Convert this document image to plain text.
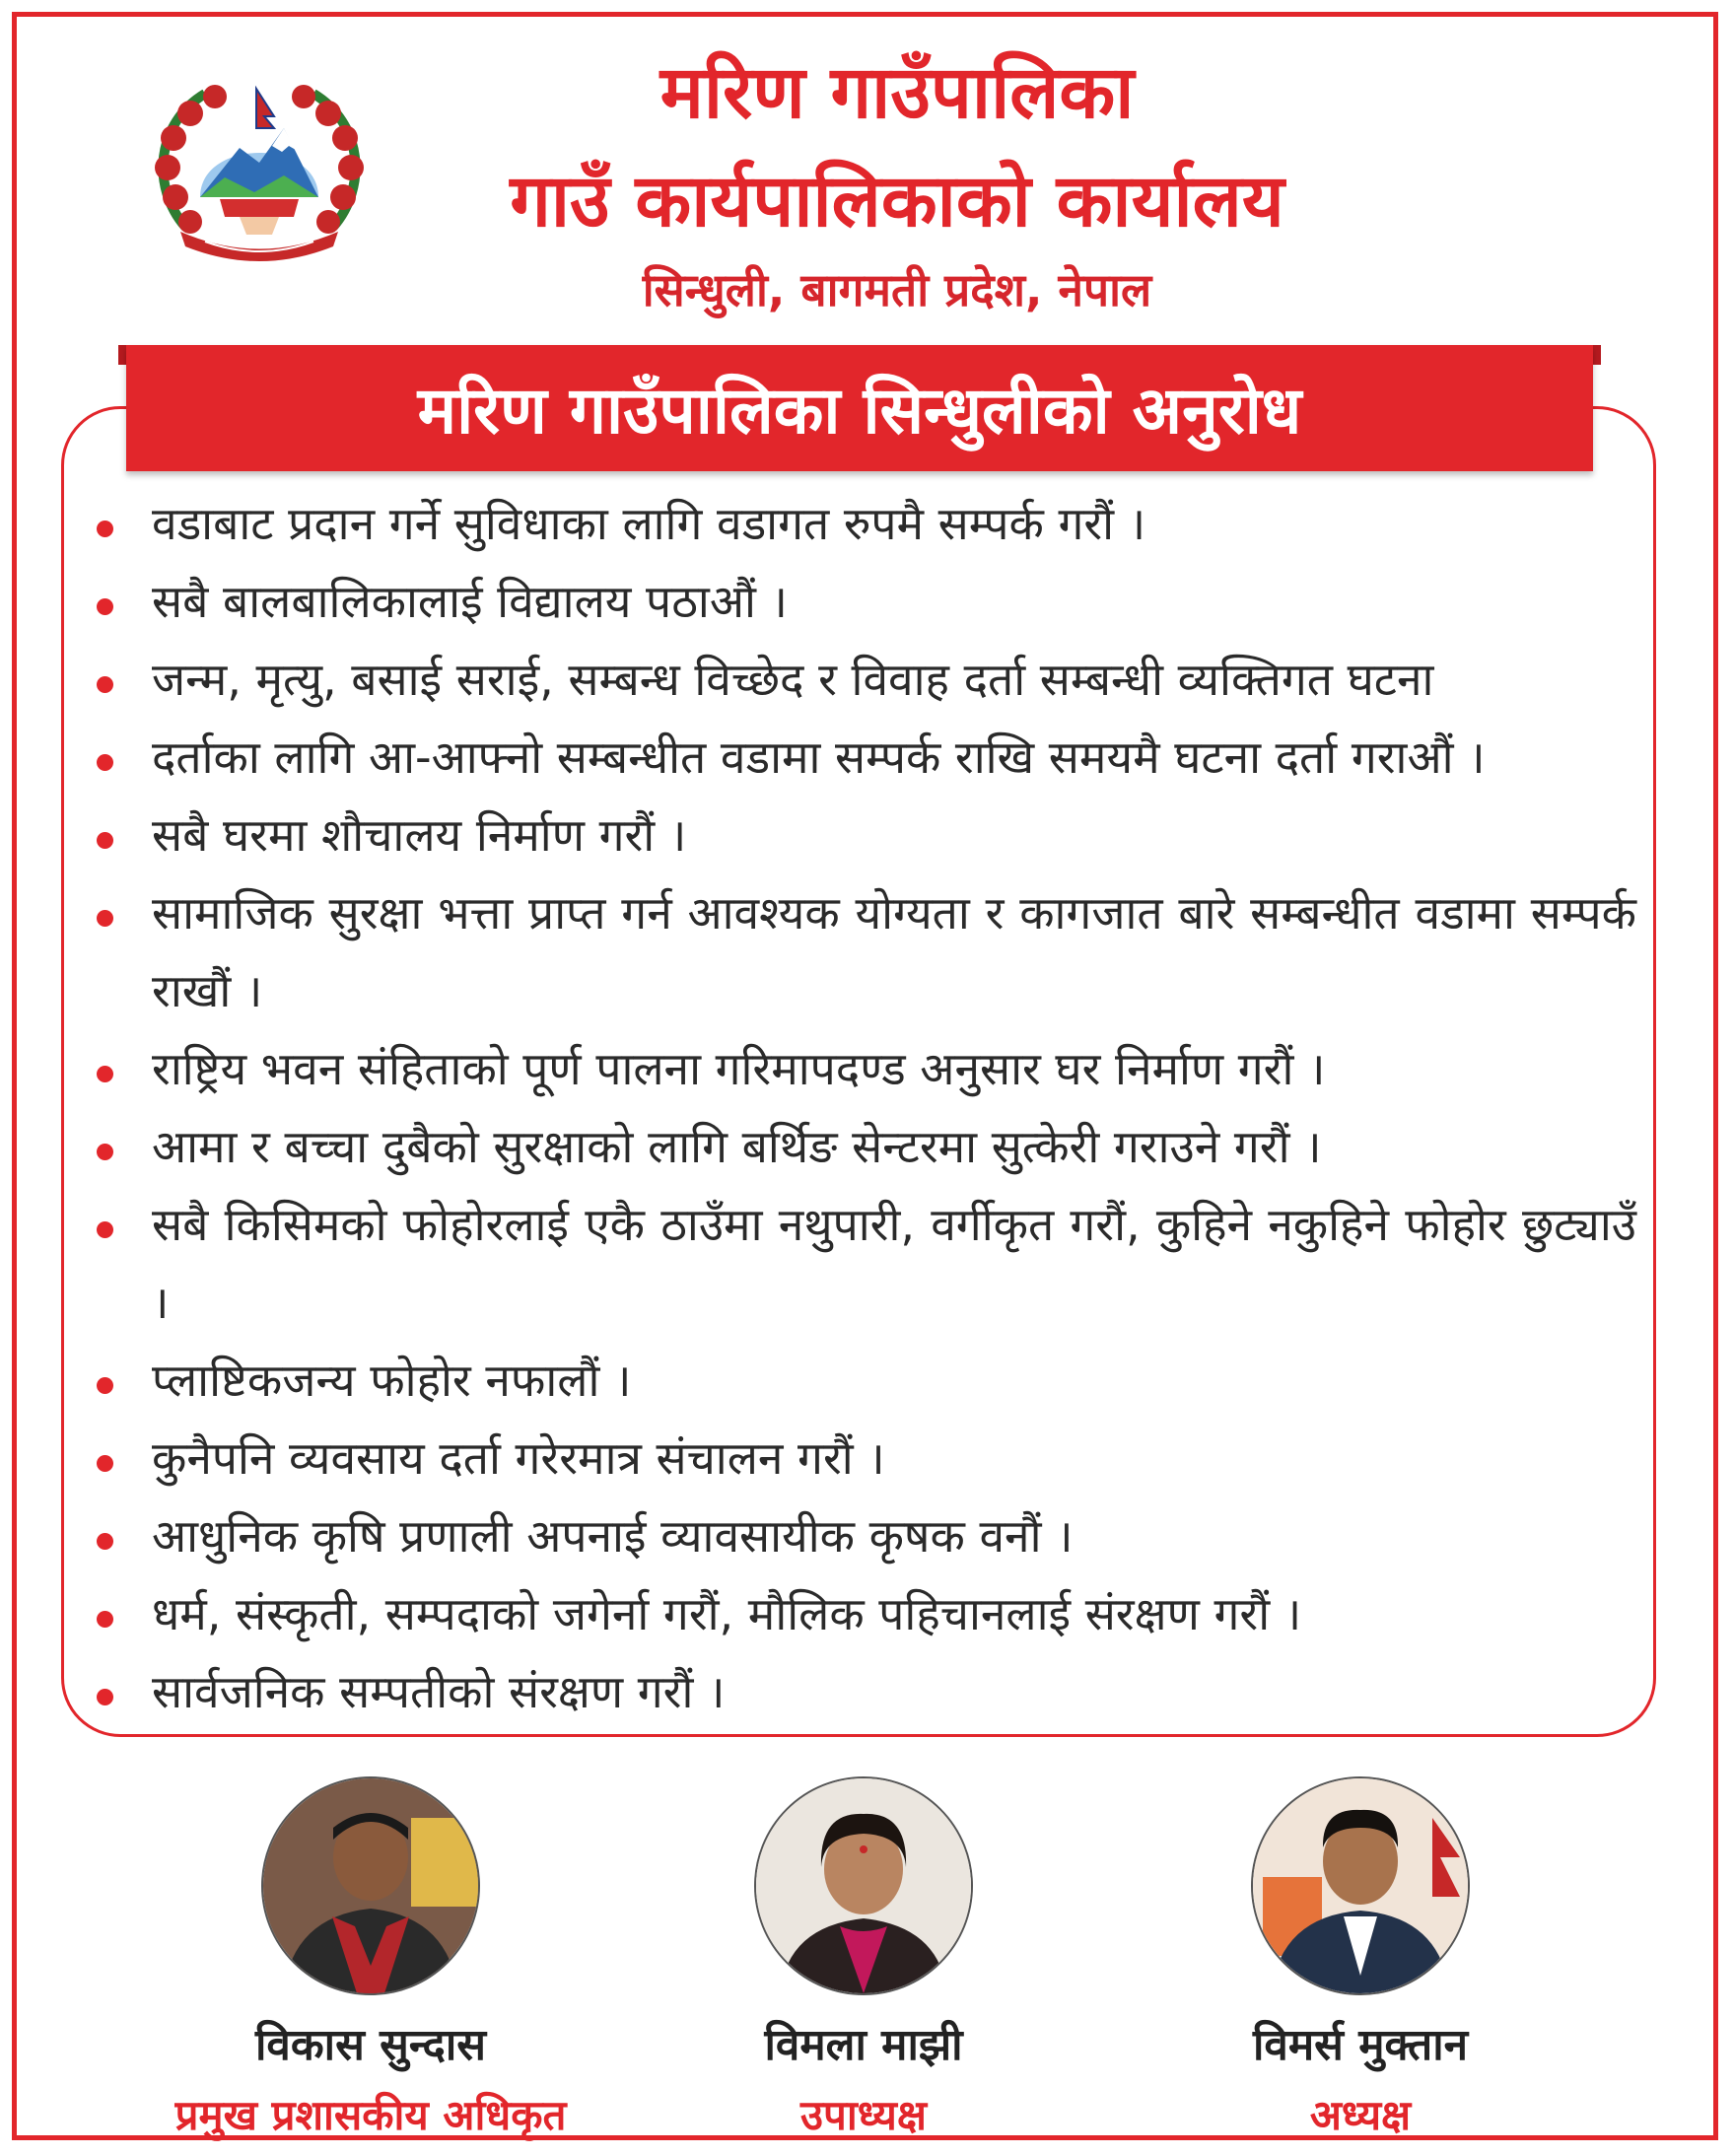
मरिण गाउँपालिका
गाउँ कार्यपालिकाको कार्यालय
सिन्धुली, बागमती प्रदेश, नेपाल
मरिण गाउँपालिका सिन्धुलीको अनुरोध
वडाबाट प्रदान गर्ने सुविधाका लागि वडागत रुपमै सम्पर्क गरौं ।
सबै बालबालिकालाई विद्यालय पठाऔं ।
जन्म, मृत्यु, बसाई सराई, सम्बन्ध विच्छेद र विवाह दर्ता सम्बन्धी व्यक्तिगत घटना
दर्ताका लागि आ-आफ्नो सम्बन्धीत वडामा सम्पर्क राखि समयमै घटना दर्ता गराऔं ।
सबै घरमा शौचालय निर्माण गरौं ।
सामाजिक सुरक्षा भत्ता प्राप्त गर्न आवश्यक योग्यता र कागजात बारे सम्बन्धीत वडामा सम्पर्क राखौं ।
राष्ट्रिय भवन संहिताको पूर्ण पालना गरिमापदण्ड अनुसार घर निर्माण गरौं ।
आमा र बच्चा दुबैको सुरक्षाको लागि बर्थिङ सेन्टरमा सुत्केरी गराउने गरौं ।
सबै किसिमको फोहोरलाई एकै ठाउँमा नथुपारी, वर्गीकृत गरौं, कुहिने नकुहिने फोहोर छुट्याउँ ।
प्लाष्टिकजन्य फोहोर नफालौं ।
कुनैपनि व्यवसाय दर्ता गरेरमात्र संचालन गरौं ।
आधुनिक कृषि प्रणाली अपनाई व्यावसायीक कृषक वनौं ।
धर्म, संस्कृती, सम्पदाको जगेर्ना गरौं, मौलिक पहिचानलाई संरक्षण गरौं ।
सार्वजनिक सम्पतीको संरक्षण गरौं ।
विकास सुन्दास
प्रमुख प्रशासकीय अधिकृत
विमला माझी
उपाध्यक्ष
विमर्स मुक्तान
अध्यक्ष
